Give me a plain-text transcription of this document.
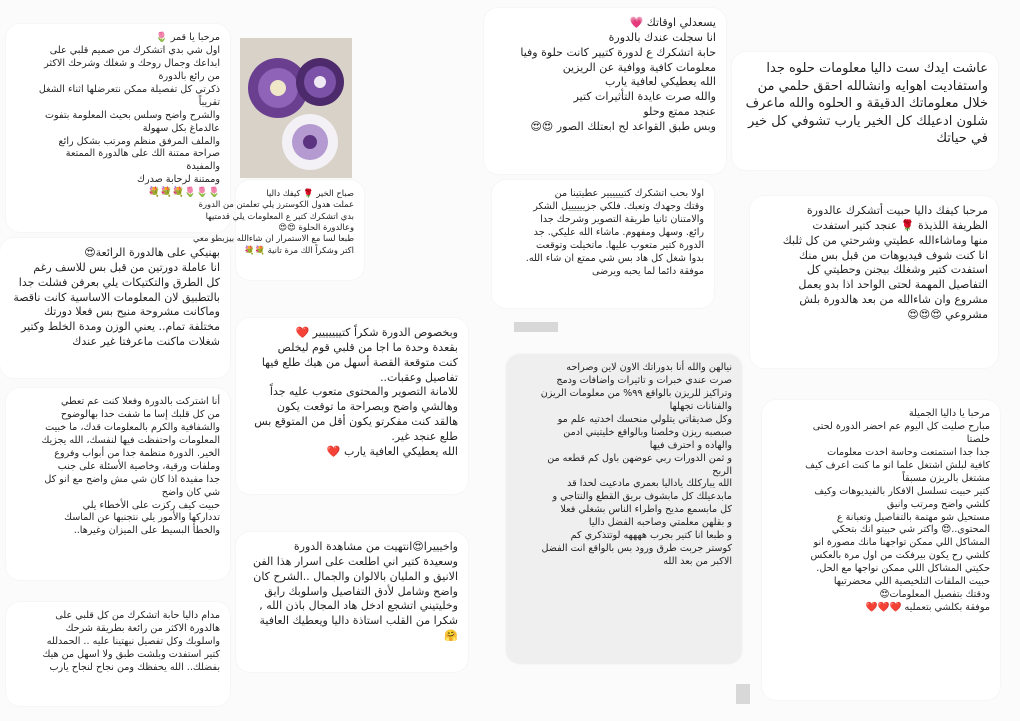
مرحبا يا قمر 🌷
اول شي بدي اتشكرك من صميم قلبي على
ابداعك وجمال روحك و شغلك وشرحك الاكثر
من رائع بالدورة
ذكرتي كل تفصيلة ممكن نتعرضلها اثناء الشغل
تقريباً
والشرح واضح وسلس بحيث المعلومة بتفوت
عالدماغ بكل سهولة
والملف المرفق منظم ومرتب بشكل رائع
صراحة ممتنة الك على هالدورة الممتعة
والمفيدة
وممتنة لرحابة صدرك
🌷🌷🌷💐💐💐
بهنيكي على هالدورة الرائعة😍
انا عاملة دورتين من قبل بس للاسف رغم
كل الطرق والتكتيكات يلي بعرفن فشلت جدا
بالتطبيق لان المعلومات الاساسية كانت ناقصة
وماكانت مشروحة منيح بس فعلا دورتك
مختلفة تمام.. يعني الوزن ومدة الخلط وكتير
شغلات ماكنت ماعرفتا غير عندك
أنا اشتركت بالدورة وفعلا كنت عم تعطي
من كل قلبك إسا ما شفت حدا بهالوضوح
والشفافية والكرم بالمعلومات قدك، ما خبيت
المعلومات واحتفظت فيها لنفسك، الله يجزيك
الخير. الدورة منظمة جدا من أبواب وفروع
وملفات ورقية، وخاصية الأسئلة على جنب
جدا مفيدة اذا كان شي مش واضح مع انو كل
شي كان واضح
حبيت كيف ركزت على الأخطاء يلي
تدداركها والأمور يلي نتجنبها عن الماسك
والخطأ البسيط على الميزان وغيرها..
مدام داليا حابة اتشكرك من كل قلبي على
هالدورة الاكثر من رائعة بطريقة شرحك
واسلوبك وكل تفصيل نبهتينا عليه .. الحمدلله
كتير استفدت وبلشت طبق ولا اسهل من هيك
بفضلك.. الله يحفظك ومن نجاح لنجاح يارب
صباح الخير 🌹 كيفك داليا
عملت هدول الكوسترز يلي تعلمتن من الدورة
بدي اتشكرك كتير ع المعلومات يلي قدمتيها
وعالدورة الحلوة 😍😍
طبعا لسا مع الاستمرار ان شاءالله بيزبطو معي
اكتر وشكراً الك مرة تانية 💐💐
وبخصوص الدورة شكراً كتييييييير ❤️
بقعدة وحدة ما اجا من قلبي قوم ليخلص
كنت متوقعة القصة أسهل من هيك طلع فيها
تفاصيل وعقبات..
للامانة التصوير والمحتوى متعوب عليه جداً
وهالشي واضح وبصراحة ما توقعت يكون
هالقد كنت مفكرتو يكون أقل من المتوقع بس
طلع عنجد غير.
الله يعطيكي العافية يارب ❤️
واخيييرا😍انتهيت من مشاهدة الدورة
وسعيدة كتير اني اطلعت على اسرار هذا الفن
الانيق و المليان بالالوان والجمال ..الشرح كان
واضح وشامل لأدق التفاصيل واسلوبك رايق
وخليتيني اتشجع ادخل هاد المجال باذن الله ,
شكرا من القلب استاذة داليا ويعطيك العافية
🤗
يسعدلي اوقاتك 💗
انا سجلت عندك بالدورة
حابة اتشكرك ع لدورة كتيير كانت حلوة وفيا
معلومات كافية ووافية عن الريزين
الله يعطيكي لعافية يارب
والله صرت عايدة التأثيرات كتير
عنجد ممتع وحلو
وبس طبق القواعد لح ابعتلك الصور 😍😍
اولا بحب اتشكرك كتيييييير عطيتينا من
وقتك وجهدك وتعبك. فلكي جزييييييل الشكر
والامتنان ثانيا طريقة التصوير وشرحك جدا
رائع. وسهل ومفهوم. ماشاء الله عليكي. جد
الدورة كتير متعوب عليها. ماتخيلت وتوقعت
بدوا شغل كل هاد بس شي ممتع ان شاء الله.
موفقة دائما لما يحبه ويرضى
نيالهن والله أنا بدوراتك الاون لاين وصراحه
صرت عندي خبرات و تاثيرات واضافات ودمج
وتراكيز للريزن بالواقع ٩٩% من معلومات الريزن
والفنانات تجهلها
وكل صديقاتي يتلولي منحسك اخدتيه علم مو
صبصبه ريزن وخلصنا وبالواقع خليتيني ادمن
والهاده و احترف فيها
و ثمن الدورات ربي عوضهن باول كم قطعه من
الربح
الله يباركلك ياداليا بعمري مادعيت لحدا قد
مابدعيلك كل مابشوف بريق القطع والنتاجي و
كل مابسمع مديح واطراء الناس بشغلي فعلا
و بقلهن معلمتي وصاحبه الفضل داليا
و طبعا انا كتير بجرب ههههه لوتتذكري كم
كوستر جربت طرق ورود بس بالواقع انت الفضل
الاكبر من بعد الله
عاشت ايدك ست داليا معلومات حلوه جدا
واستفاديت اهوايه وانشالله احقق حلمي من
خلال معلوماتك الدقيقة و الحلوه والله ماعرف
شلون ادعيلك كل الخير يارب تشوفي كل خير
في حياتك
مرحبا كيفك داليا حبيت أتشكرك عالدورة
الظريفة اللذيذة 🌹 عنجد كتير استفدت
منها وماشاءالله عطيتي وشرحتي من كل ثلبك
انا كنت شوف فيديوهات من قبل بس منك
استفدت كتير وشغلك بيجنن وحطيتي كل
التفاصيل المهمة لحتى الواحد اذا بدو يعمل
مشروع وان شاءالله من بعد هالدورة بلش
مشروعي 😍😍😍
مرحبا يا داليا الجميلة
مبارح صليت كل اليوم عم احضر الدورة لحتى
خلصتا
جدا جدا استمتعت وحاسة اخدت معلومات
كافية لبلش اشتغل علما انو ما كنت اعرف كيف
مشتغل بالريزن مسبقاً
كتير حبيت تسلسل الافكار بالفيديوهات وكيف
كلشي واضح ومرتب وانيق
مستحيل شو مهتمة بالتفاصيل وتعبانة ع
المحتوى..😍 واكتر شي حبيتو انك بتحكي
المشاكل اللي ممكن تواجهنا مانك مصورة انو
كلشي رح يكون بيرفكت من اول مرة بالعكس
حكيتي المشاكل اللي ممكن نواجها مع الحل.
حبيت الملفات التلخيصية اللي محضرتيها
ودقتك بتفصيل المعلومات😍
موفقة بكلشي بتعمليه ❤️❤️❤️
